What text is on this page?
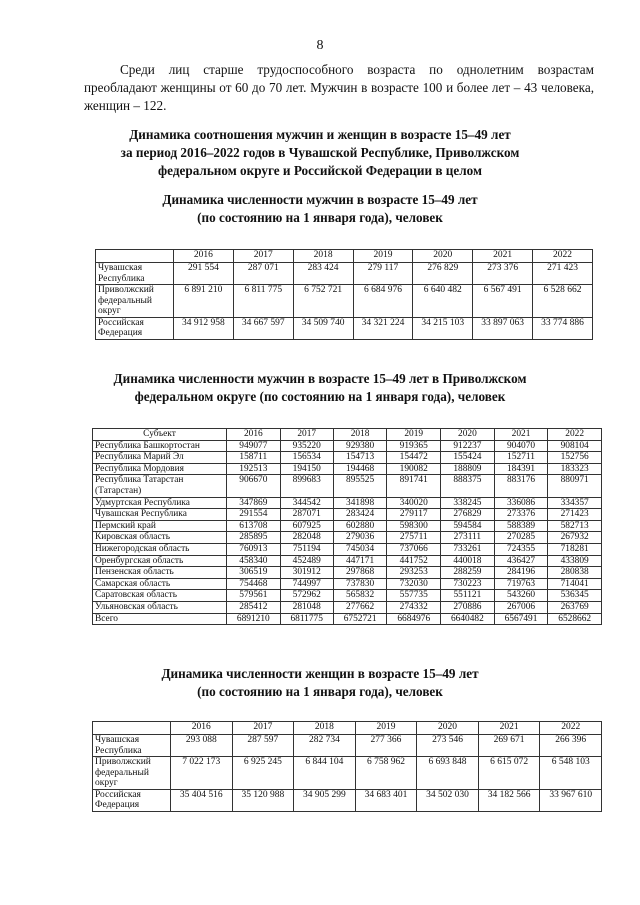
8

Среди лиц старше трудоспособного возраста по однолетним возрастам преобладают женщины от 60 до 70 лет. Мужчин в возрасте 100 и более лет – 43 человека, женщин – 122.

Динамика соотношения мужчин и женщин в возрасте 15–49 лет
за период 2016–2022 годов в Чувашской Республике, Приволжском
федеральном округе и Российской Федерации в целом
Динамика численности мужчин в возрасте 15–49 лет
(по состоянию на 1 января года), человек
	2016	2017	2018	2019	2020	2021	2022
Чувашская Республика	291 554	287 071	283 424	279 117	276 829	273 376	271 423
Приволжский федеральный округ	6 891 210	6 811 775	6 752 721	6 684 976	6 640 482	6 567 491	6 528 662
Российская Федерация	34 912 958	34 667 597	34 509 740	34 321 224	34 215 103	33 897 063	33 774 886
Динамика численности мужчин в возрасте 15–49 лет в Приволжском
федеральном округе (по состоянию на 1 января года), человек
Субъект	2016	2017	2018	2019	2020	2021	2022
Республика Башкортостан	949077	935220	929380	919365	912237	904070	908104
Республика Марий Эл	158711	156534	154713	154472	155424	152711	152756
Республика Мордовия	192513	194150	194468	190082	188809	184391	183323
Республика Татарстан (Татарстан)	906670	899683	895525	891741	888375	883176	880971
Удмуртская Республика	347869	344542	341898	340020	338245	336086	334357
Чувашская Республика	291554	287071	283424	279117	276829	273376	271423
Пермский край	613708	607925	602880	598300	594584	588389	582713
Кировская область	285895	282048	279036	275711	273111	270285	267932
Нижегородская область	760913	751194	745034	737066	733261	724355	718281
Оренбургская область	458340	452489	447171	441752	440018	436427	433809
Пензенская область	306519	301912	297868	293253	288259	284196	280838
Самарская область	754468	744997	737830	732030	730223	719763	714041
Саратовская область	579561	572962	565832	557735	551121	543260	536345
Ульяновская область	285412	281048	277662	274332	270886	267006	263769
Всего	6891210	6811775	6752721	6684976	6640482	6567491	6528662
Динамика численности женщин в возрасте 15–49 лет
(по состоянию на 1 января года), человек
	2016	2017	2018	2019	2020	2021	2022
Чувашская Республика	293 088	287 597	282 734	277 366	273 546	269 671	266 396
Приволжский федеральный округ	7 022 173	6 925 245	6 844 104	6 758 962	6 693 848	6 615 072	6 548 103
Российская Федерация	35 404 516	35 120 988	34 905 299	34 683 401	34 502 030	34 182 566	33 967 610
